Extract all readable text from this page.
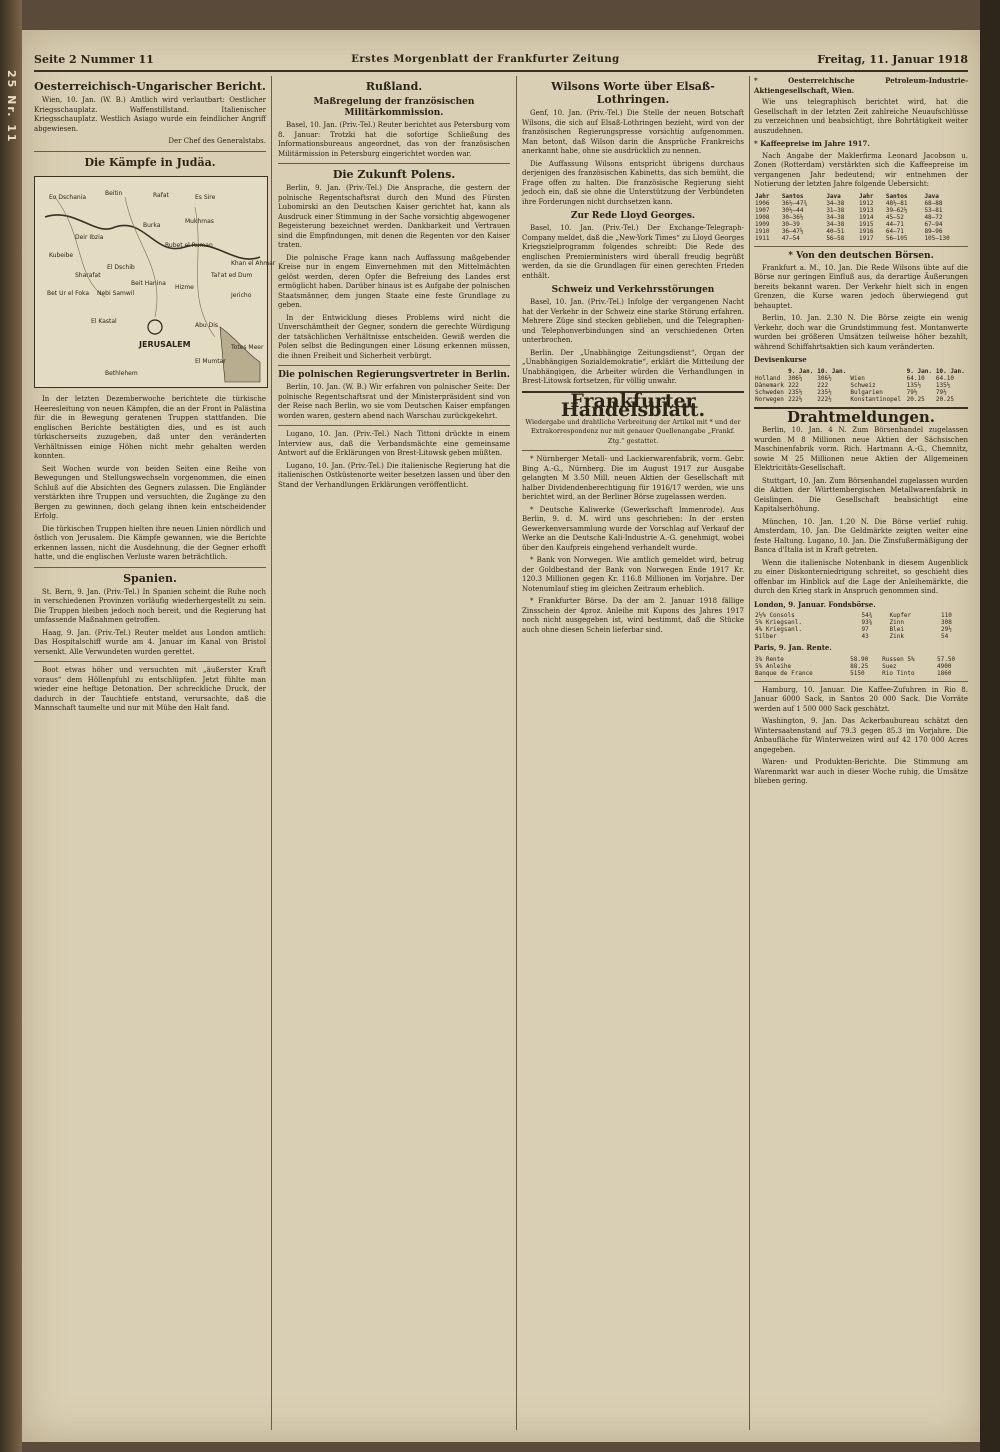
25 Nr. 11
Seite 2 Nummer 11	Erstes Morgenblatt der Frankfurter Zeitung	Freitag, 11. Januar 1918
Oesterreichisch-Ungarischer Bericht.

Wien, 10. Jan. (W. B.) Amtlich wird verlautbart: Oestlicher Kriegsschauplatz. Waffenstillstand. Italienischer Kriegsschauplatz. Westlich Asiago wurde ein feindlicher Angriff abgewiesen.

Der Chef des Generalstabs.

Die Kämpfe in Judäa.
Eo Dschania
Beitin	Rafat	Es Sire
Burka
Deir Ibzia
Kubeibe
El Dschib
Rubet el Ruman
Bet Ur el Foka Nebi Samwil
Beit Hanina
El Kastal
JERUSALEM
Abu Dis
Bethlehem
Jericho
Totes Meer
El Mumtar
Tal'at ed Dum
Khan el Ahmar
Mukhmas
Hizme
Sharafat

In der letzten Dezemberwoche berichtete die türkische Heeresleitung von neuen Kämpfen, die an der Front in Palästina für die in Bewegung geratenen Truppen stattfanden. Die englischen Berichte bestätigten dies, und es ist auch türkischerseits zuzugeben, daß unter den veränderten Verhältnissen einige Höhen nicht mehr gehalten werden konnten.

Seit Wochen wurde von beiden Seiten eine Reihe von Bewegungen und Stellungswechseln vorgenommen, die einen Schluß auf die Absichten des Gegners zulassen. Die Engländer verstärkten ihre Truppen und versuchten, die Zugänge zu den Bergen zu gewinnen, doch gelang ihnen kein entscheidender Erfolg.

Die türkischen Truppen hielten ihre neuen Linien nördlich und östlich von Jerusalem. Die Kämpfe gewannen, wie die Berichte erkennen lassen, nicht die Ausdehnung, die der Gegner erhofft hatte, und die englischen Verluste waren beträchtlich.

Spanien.

St. Bern, 9. Jan. (Priv.-Tel.) In Spanien scheint die Ruhe noch in verschiedenen Provinzen vorläufig wiederhergestellt zu sein. Die Truppen bleiben jedoch noch bereit, und die Regierung hat umfassende Maßnahmen getroffen.

Haag, 9. Jan. (Priv.-Tel.) Reuter meldet aus London amtlich: Das Hospitalschiff wurde am 4. Januar im Kanal von Bristol versenkt. Alle Verwundeten wurden gerettet.

Boot etwas höher und versuchten mit „äußerster Kraft voraus“ dem Höllenpfuhl zu entschlüpfen. Jetzt fühlte man wieder eine heftige Detonation. Der schreckliche Druck, der dadurch in der Tauchtiefe entstand, verursachte, daß die Mannschaft taumelte und nur mit Mühe den Halt fand.

Rußland.
Maßregelung der französischen Militärkommission.

Basel, 10. Jan. (Priv.-Tel.) Reuter berichtet aus Petersburg vom 8. Januar: Trotzki hat die sofortige Schließung des Informationsbureaus angeordnet, das von der französischen Militärmission in Petersburg eingerichtet worden war.

Die Zukunft Polens.

Berlin, 9. Jan. (Priv.-Tel.) Die Ansprache, die gestern der polnische Regentschaftsrat durch den Mund des Fürsten Lubomirski an den Deutschen Kaiser gerichtet hat, kann als Ausdruck einer Stimmung in der Sache vorsichtig abgewogener Begeisterung bezeichnet werden. Dankbarkeit und Vertrauen sind die Empfindungen, mit denen die Regenten vor den Kaiser traten.

Die polnische Frage kann nach Auffassung maßgebender Kreise nur in engem Einvernehmen mit den Mittelmächten gelöst werden, deren Opfer die Befreiung des Landes erst ermöglicht haben. Darüber hinaus ist es Aufgabe der polnischen Staatsmänner, dem jungen Staate eine feste Grundlage zu geben.

In der Entwicklung dieses Problems wird nicht die Unverschämtheit der Gegner, sondern die gerechte Würdigung der tatsächlichen Verhältnisse entscheiden. Gewiß werden die Polen selbst die Bedingungen einer Lösung erkennen müssen, die ihnen Freiheit und Sicherheit verbürgt.

Die polnischen Regierungsvertreter in Berlin.

Berlin, 10. Jan. (W. B.) Wir erfahren von polnischer Seite: Der polnische Regentschaftsrat und der Ministerpräsident sind von der Reise nach Berlin, wo sie vom Deutschen Kaiser empfangen worden waren, gestern abend nach Warschau zurückgekehrt.

Lugano, 10. Jan. (Priv.-Tel.) Nach Tittoni drückte in einem Interview aus, daß die Verbandsmächte eine gemeinsame Antwort auf die Erklärungen von Brest-Litowsk geben müßten.

Lugano, 10. Jan. (Priv.-Tel.) Die italienische Regierung hat die italienischen Ostküstenorte weiter besetzen lassen und über den Stand der Verhandlungen Erklärungen veröffentlicht.

Wilsons Worte über Elsaß-Lothringen.

Genf, 10. Jan. (Priv.-Tel.) Die Stelle der neuen Botschaft Wilsons, die sich auf Elsaß-Lothringen bezieht, wird von der französischen Regierungspresse vorsichtig aufgenommen. Man betont, daß Wilson darin die Ansprüche Frankreichs anerkannt habe, ohne sie ausdrücklich zu nennen.

Die Auffassung Wilsons entspricht übrigens durchaus derjenigen des französischen Kabinetts, das sich bemüht, die Frage offen zu halten. Die französische Regierung sieht jedoch ein, daß sie ohne die Unterstützung der Verbündeten ihre Forderungen nicht durchsetzen kann.

Zur Rede Lloyd Georges.

Basel, 10. Jan. (Priv.-Tel.) Der Exchange-Telegraph-Company meldet, daß die „New-York Times“ zu Lloyd Georges Kriegszielprogramm folgendes schreibt: Die Rede des englischen Premierministers wird überall freudig begrüßt werden, da sie die Grundlagen für einen gerechten Frieden enthält.

Schweiz und Verkehrsstörungen

Basel, 10. Jan. (Priv.-Tel.) Infolge der vergangenen Nacht hat der Verkehr in der Schweiz eine starke Störung erfahren. Mehrere Züge sind stecken geblieben, und die Telegraphen- und Telephonverbindungen sind an verschiedenen Orten unterbrochen.

Berlin. Der „Unabhängige Zeitungsdienst“, Organ der „Unabhängigen Sozialdemokratie“, erklärt die Mitteilung der Unabhängigen, die Arbeiter würden die Verhandlungen in Brest-Litowsk fortsetzen, für völlig unwahr.

Frankfurter Handelsblatt.

Wiedergabe und drahtliche Verbreitung der Artikel mit * und der Extrakorrespondenz nur mit genauer Quellenangabe „Frankf. Ztg.“ gestattet.

* Nürnberger Metall- und Lackierwarenfabrik, vorm. Gebr. Bing A.-G., Nürnberg. Die im August 1917 zur Ausgabe gelangten M 3.50 Mill. neuen Aktien der Gesellschaft mit halber Dividendenberechtigung für 1916/17 werden, wie uns berichtet wird, an der Berliner Börse zugelassen werden.

* Deutsche Kaliwerke (Gewerkschaft Immenrode). Aus Berlin, 9. d. M. wird uns geschrieben: In der ersten Gewerkenversammlung wurde der Vorschlag auf Verkauf der Werke an die Deutsche Kali-Industrie A.-G. genehmigt, wobei über den Kaufpreis eingehend verhandelt wurde.

* Bank von Norwegen. Wie amtlich gemeldet wird, betrug der Goldbestand der Bank von Norwegen Ende 1917 Kr. 120.3 Millionen gegen Kr. 116.8 Millionen im Vorjahre. Der Notenumlauf stieg im gleichen Zeitraum erheblich.

* Frankfurter Börse. Da der am 2. Januar 1918 fällige Zinsschein der 4proz. Anleihe mit Kupons des Jahres 1917 noch nicht ausgegeben ist, wird bestimmt, daß die Stücke auch ohne diesen Schein lieferbar sind.

* Oesterreichische Petroleum-Industrie-Aktiengesellschaft, Wien.

Wie uns telegraphisch berichtet wird, hat die Gesellschaft in der letzten Zeit zahlreiche Neuaufschlüsse zu verzeichnen und beabsichtigt, ihre Bohrtätigkeit weiter auszudehnen.

* Kaffeepreise im Jahre 1917.

Nach Angabe der Maklerfirma Leonard Jacobson u. Zonen (Rotterdam) verstärkten sich die Kaffeepreise im vergangenen Jahr bedeutend; wir entnehmen der Notierung der letzten Jahre folgende Uebersicht:

Jahr	Santos	Java	Jahr	Santos	Java
1906	36½–47¾	34–38	1912	48½–81	68–88
1907	30½–44	31–38	1913	39–62½	53–81
1908	30–36½	34–38	1914	45–52	48–72
1909	30–39	34–38	1915	44–71	67–94
1910	36–47½	40–51	1916	64–71	89–96
1911	47–54	56–58	1917	56–105	105–130
* Von den deutschen Börsen.

Frankfurt a. M., 10. Jan. Die Rede Wilsons übte auf die Börse nur geringen Einfluß aus, da derartige Äußerungen bereits bekannt waren. Der Verkehr hielt sich in engen Grenzen, die Kurse waren jedoch überwiegend gut behauptet.

Berlin, 10. Jan. 2.30 N. Die Börse zeigte ein wenig Verkehr, doch war die Grundstimmung fest. Montanwerte wurden bei größeren Umsätzen teilweise höher bezahlt, während Schiffahrtsaktien sich kaum veränderten.

Devisenkurse

	9. Jan.	10. Jan.		9. Jan.	10. Jan.
Holland	306½	306½	Wien	64.10	64.10
Dänemark	222	222	Schweiz	135½	135½
Schweden	235½	235½	Bulgarien	79½	79½
Norwegen	222½	222½	Konstantinopel	20.25	20.25
Drahtmeldungen.

Berlin, 10. Jan. 4 N. Zum Börsenhandel zugelassen wurden M 8 Millionen neue Aktien der Sächsischen Maschinenfabrik vorm. Rich. Hartmann A.-G., Chemnitz, sowie M 25 Millionen neue Aktien der Allgemeinen Elektricitäts-Gesellschaft.

Stuttgart, 10. Jan. Zum Börsenhandel zugelassen wurden die Aktien der Württembergischen Metallwarenfabrik in Geislingen. Die Gesellschaft beabsichtigt eine Kapitalserhöhung.

München, 10. Jan. 1.20 N. Die Börse verlief ruhig. Amsterdam, 10. Jan. Die Geldmärkte zeigten weiter eine feste Haltung. Lugano, 10. Jan. Die Zinsfußermäßigung der Banca d'Italia ist in Kraft getreten.

Wenn die italienische Notenbank in diesem Augenblick zu einer Diskonterniedrigung schreitet, so geschieht dies offenbar im Hinblick auf die Lage der Anleihemärkte, die durch den Krieg stark in Anspruch genommen sind.

London, 9. Januar. Fondsbörse.

2½% Consols	54¾	Kupfer	110
5% Kriegsanl.	93⅝	Zinn	308
4% Kriegsanl.	97	Blei	29½
Silber	43	Zink	54

Paris, 9. Jan. Rente.

3% Rente	58.90	Russen 5%	57.50
5% Anleihe	88.25	Suez	4900
Banque de France	5150	Rio Tinto	1860

Hamburg, 10. Januar. Die Kaffee-Zufuhren in Rio 8. Januar 6000 Sack, in Santos 20 000 Sack. Die Vorräte werden auf 1 500 000 Sack geschätzt.

Washington, 9. Jan. Das Ackerbaubureau schätzt den Wintersaatenstand auf 79.3 gegen 85.3 im Vorjahre. Die Anbaufläche für Winterweizen wird auf 42 170 000 Acres angegeben.

Waren- und Produkten-Berichte. Die Stimmung am Warenmarkt war auch in dieser Woche ruhig, die Umsätze blieben gering.
